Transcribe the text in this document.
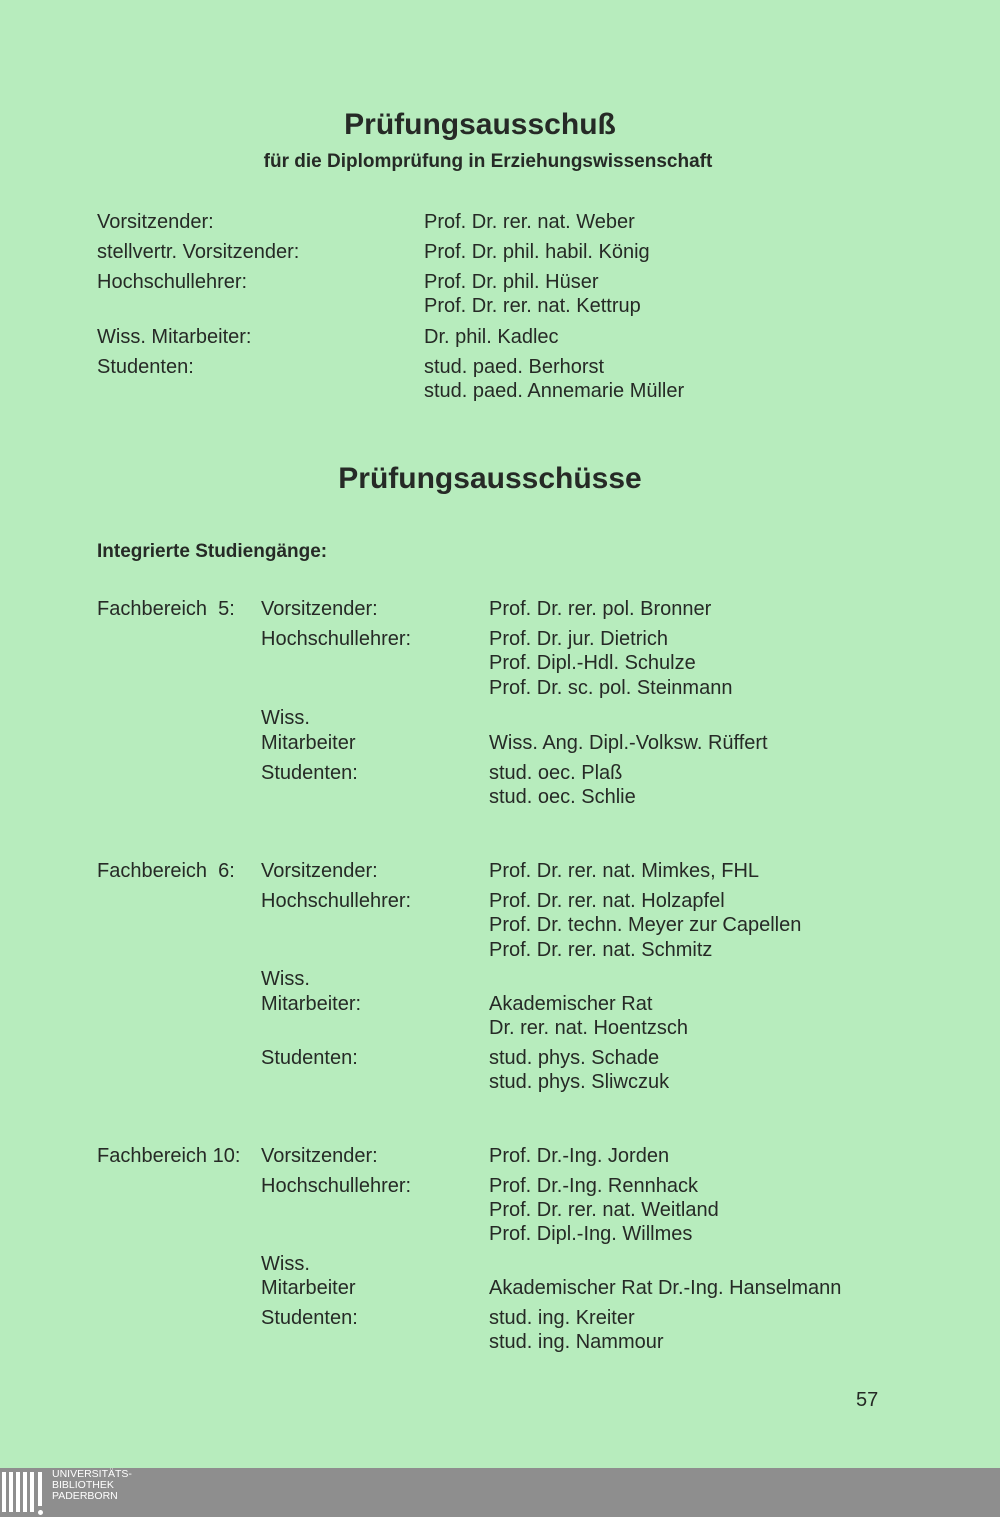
Prüfungsausschuß
für die Diplomprüfung in Erziehungswissenschaft
Vorsitzender:	Prof. Dr. rer. nat. Weber
stellvertr. Vorsitzender:	Prof. Dr. phil. habil. König
Hochschullehrer:	Prof. Dr. phil. Hüser
Prof. Dr. rer. nat. Kettrup
Wiss. Mitarbeiter:	Dr. phil. Kadlec
Studenten:	stud. paed. Berhorst
stud. paed. Annemarie Müller
Prüfungsausschüsse
Integrierte Studiengänge:
Fachbereich  5: Vorsitzender:	Prof. Dr. rer. pol. Bronner
Hochschullehrer:	Prof. Dr. jur. Dietrich
Prof. Dipl.-Hdl. Schulze
Prof. Dr. sc. pol. Steinmann
Wiss.
Mitarbeiter	Wiss. Ang. Dipl.-Volksw. Rüffert
Studenten:	stud. oec. Plaß
stud. oec. Schlie
Fachbereich  6: Vorsitzender:	Prof. Dr. rer. nat. Mimkes, FHL
Hochschullehrer:	Prof. Dr. rer. nat. Holzapfel
Prof. Dr. techn. Meyer zur Capellen
Prof. Dr. rer. nat. Schmitz
Wiss.
Mitarbeiter:	Akademischer Rat
Dr. rer. nat. Hoentzsch
Studenten:	stud. phys. Schade
stud. phys. Sliwczuk
Fachbereich 10: Vorsitzender:	Prof. Dr.-Ing. Jorden
Hochschullehrer:	Prof. Dr.-Ing. Rennhack
Prof. Dr. rer. nat. Weitland
Prof. Dipl.-Ing. Willmes
Wiss.
Mitarbeiter	Akademischer Rat Dr.-Ing. Hanselmann
Studenten:	stud. ing. Kreiter
stud. ing. Nammour
57
UNIVERSITÄTS-
BIBLIOTHEK
PADERBORN
